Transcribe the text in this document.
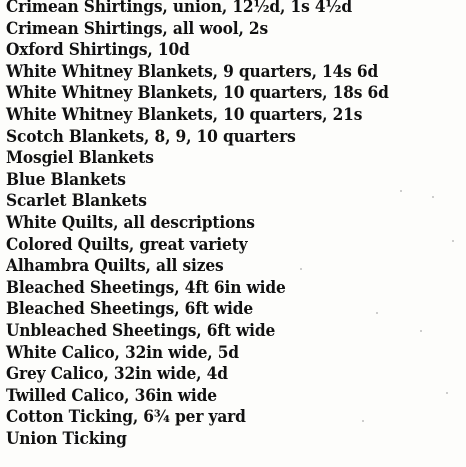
Crimean Shirtings, union, 12½d, 1s 4½d
Crimean Shirtings, all wool, 2s
Oxford Shirtings, 10d
White Whitney Blankets, 9 quarters, 14s 6d
White Whitney Blankets, 10 quarters, 18s 6d
White Whitney Blankets, 10 quarters, 21s
Scotch Blankets, 8, 9, 10 quarters
Mosgiel Blankets
Blue Blankets
Scarlet Blankets
White Quilts, all descriptions
Colored Quilts, great variety
Alhambra Quilts, all sizes
Bleached Sheetings, 4ft 6in wide
Bleached Sheetings, 6ft wide
Unbleached Sheetings, 6ft wide
White Calico, 32in wide, 5d
Grey Calico, 32in wide, 4d
Twilled Calico, 36in wide
Cotton Ticking, 6¾ per yard
Union Ticking
